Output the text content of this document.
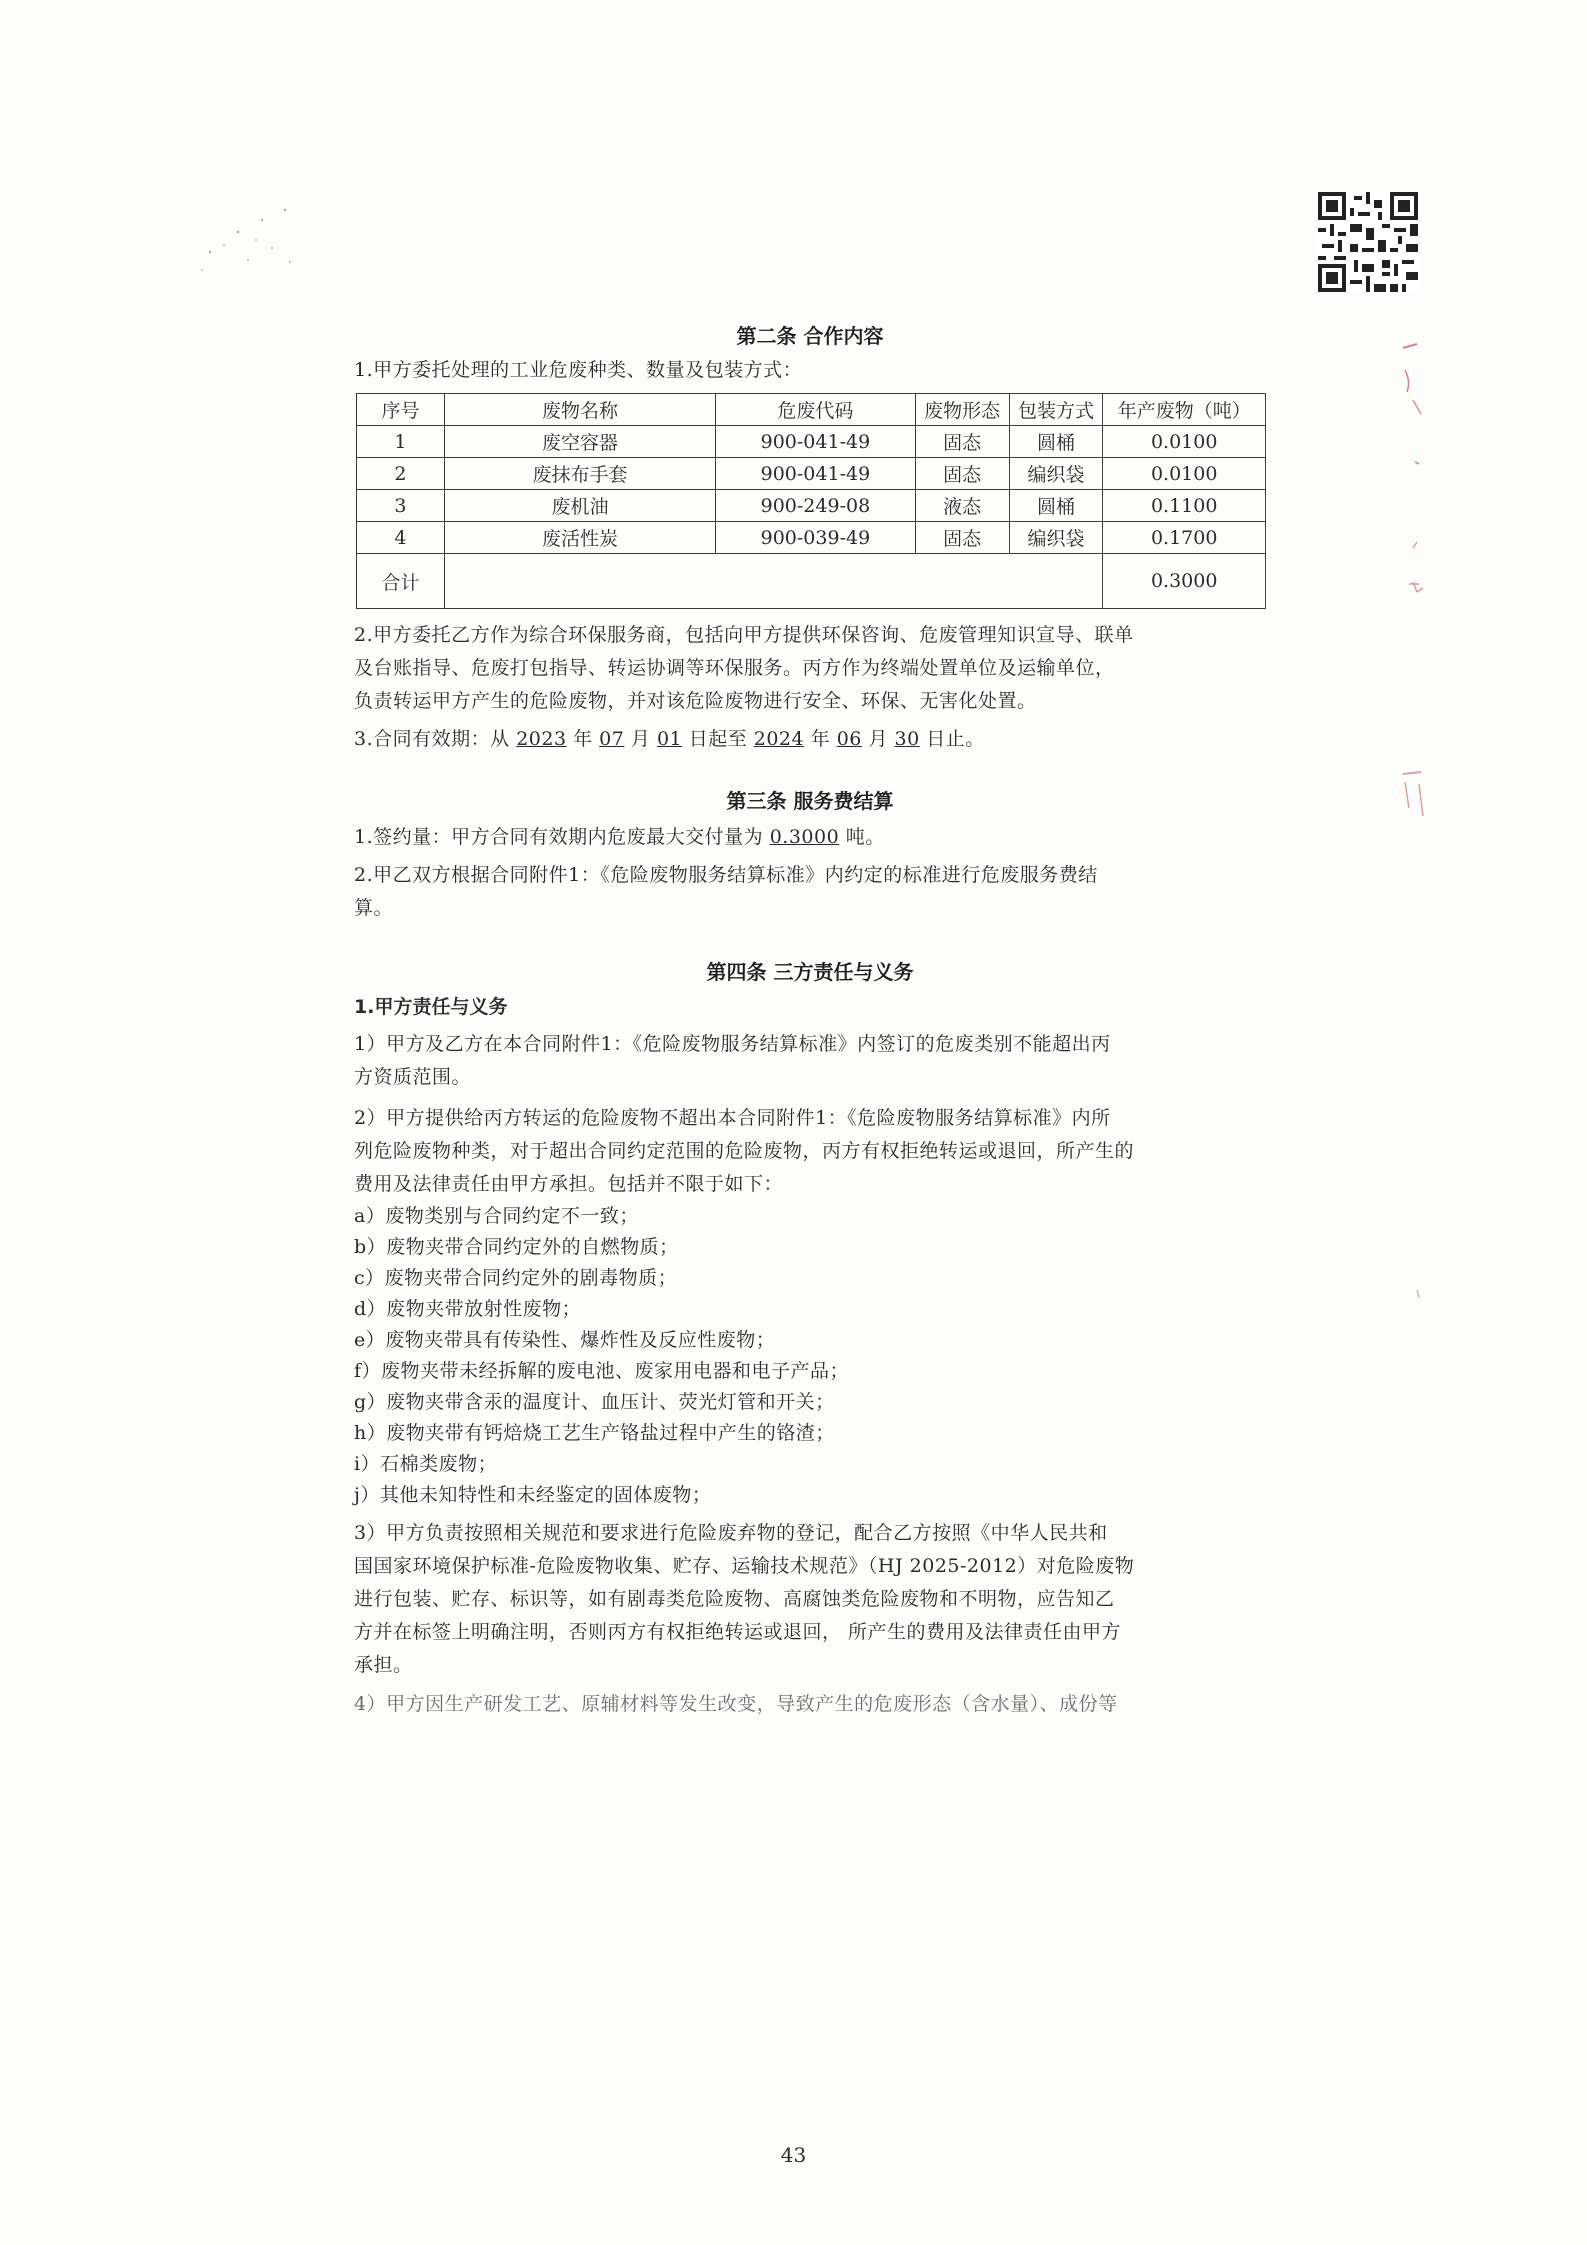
第二条 合作内容

1.甲方委托处理的工业危废种类、数量及包装方式：

序号	废物名称	危废代码	废物形态	包装方式	年产废物（吨）
1	废空容器	900-041-49	固态	圆桶	0.0100
2	废抹布手套	900-041-49	固态	编织袋	0.0100
3	废机油	900-249-08	液态	圆桶	0.1100
4	废活性炭	900-039-49	固态	编织袋	0.1700
合计					0.3000

2.甲方委托乙方作为综合环保服务商，包括向甲方提供环保咨询、危废管理知识宣导、联单

及台账指导、危废打包指导、转运协调等环保服务。丙方作为终端处置单位及运输单位，

负责转运甲方产生的危险废物，并对该危险废物进行安全、环保、无害化处置。

3.合同有效期：从 2023 年 07 月 01 日起至 2024 年 06 月 30 日止。

第三条 服务费结算

1.签约量：甲方合同有效期内危废最大交付量为 0.3000 吨。

2.甲乙双方根据合同附件1：《危险废物服务结算标准》内约定的标准进行危废服务费结

算。

第四条 三方责任与义务

1.甲方责任与义务

1）甲方及乙方在本合同附件1：《危险废物服务结算标准》内签订的危废类别不能超出丙

方资质范围。

2）甲方提供给丙方转运的危险废物不超出本合同附件1：《危险废物服务结算标准》内所

列危险废物种类，对于超出合同约定范围的危险废物，丙方有权拒绝转运或退回，所产生的

费用及法律责任由甲方承担。包括并不限于如下：

a）废物类别与合同约定不一致；

b）废物夹带合同约定外的自燃物质；

c）废物夹带合同约定外的剧毒物质；

d）废物夹带放射性废物；

e）废物夹带具有传染性、爆炸性及反应性废物；

f）废物夹带未经拆解的废电池、废家用电器和电子产品；

g）废物夹带含汞的温度计、血压计、荧光灯管和开关；

h）废物夹带有钙焙烧工艺生产铬盐过程中产生的铬渣；

i）石棉类废物；

j）其他未知特性和未经鉴定的固体废物；

3）甲方负责按照相关规范和要求进行危险废弃物的登记，配合乙方按照《中华人民共和

国国家环境保护标准-危险废物收集、贮存、运输技术规范》（HJ 2025-2012）对危险废物

进行包装、贮存、标识等，如有剧毒类危险废物、高腐蚀类危险废物和不明物，应告知乙

方并在标签上明确注明，否则丙方有权拒绝转运或退回， 所产生的费用及法律责任由甲方

承担。

4）甲方因生产研发工艺、原辅材料等发生改变，导致产生的危废形态（含水量）、成份等

43
